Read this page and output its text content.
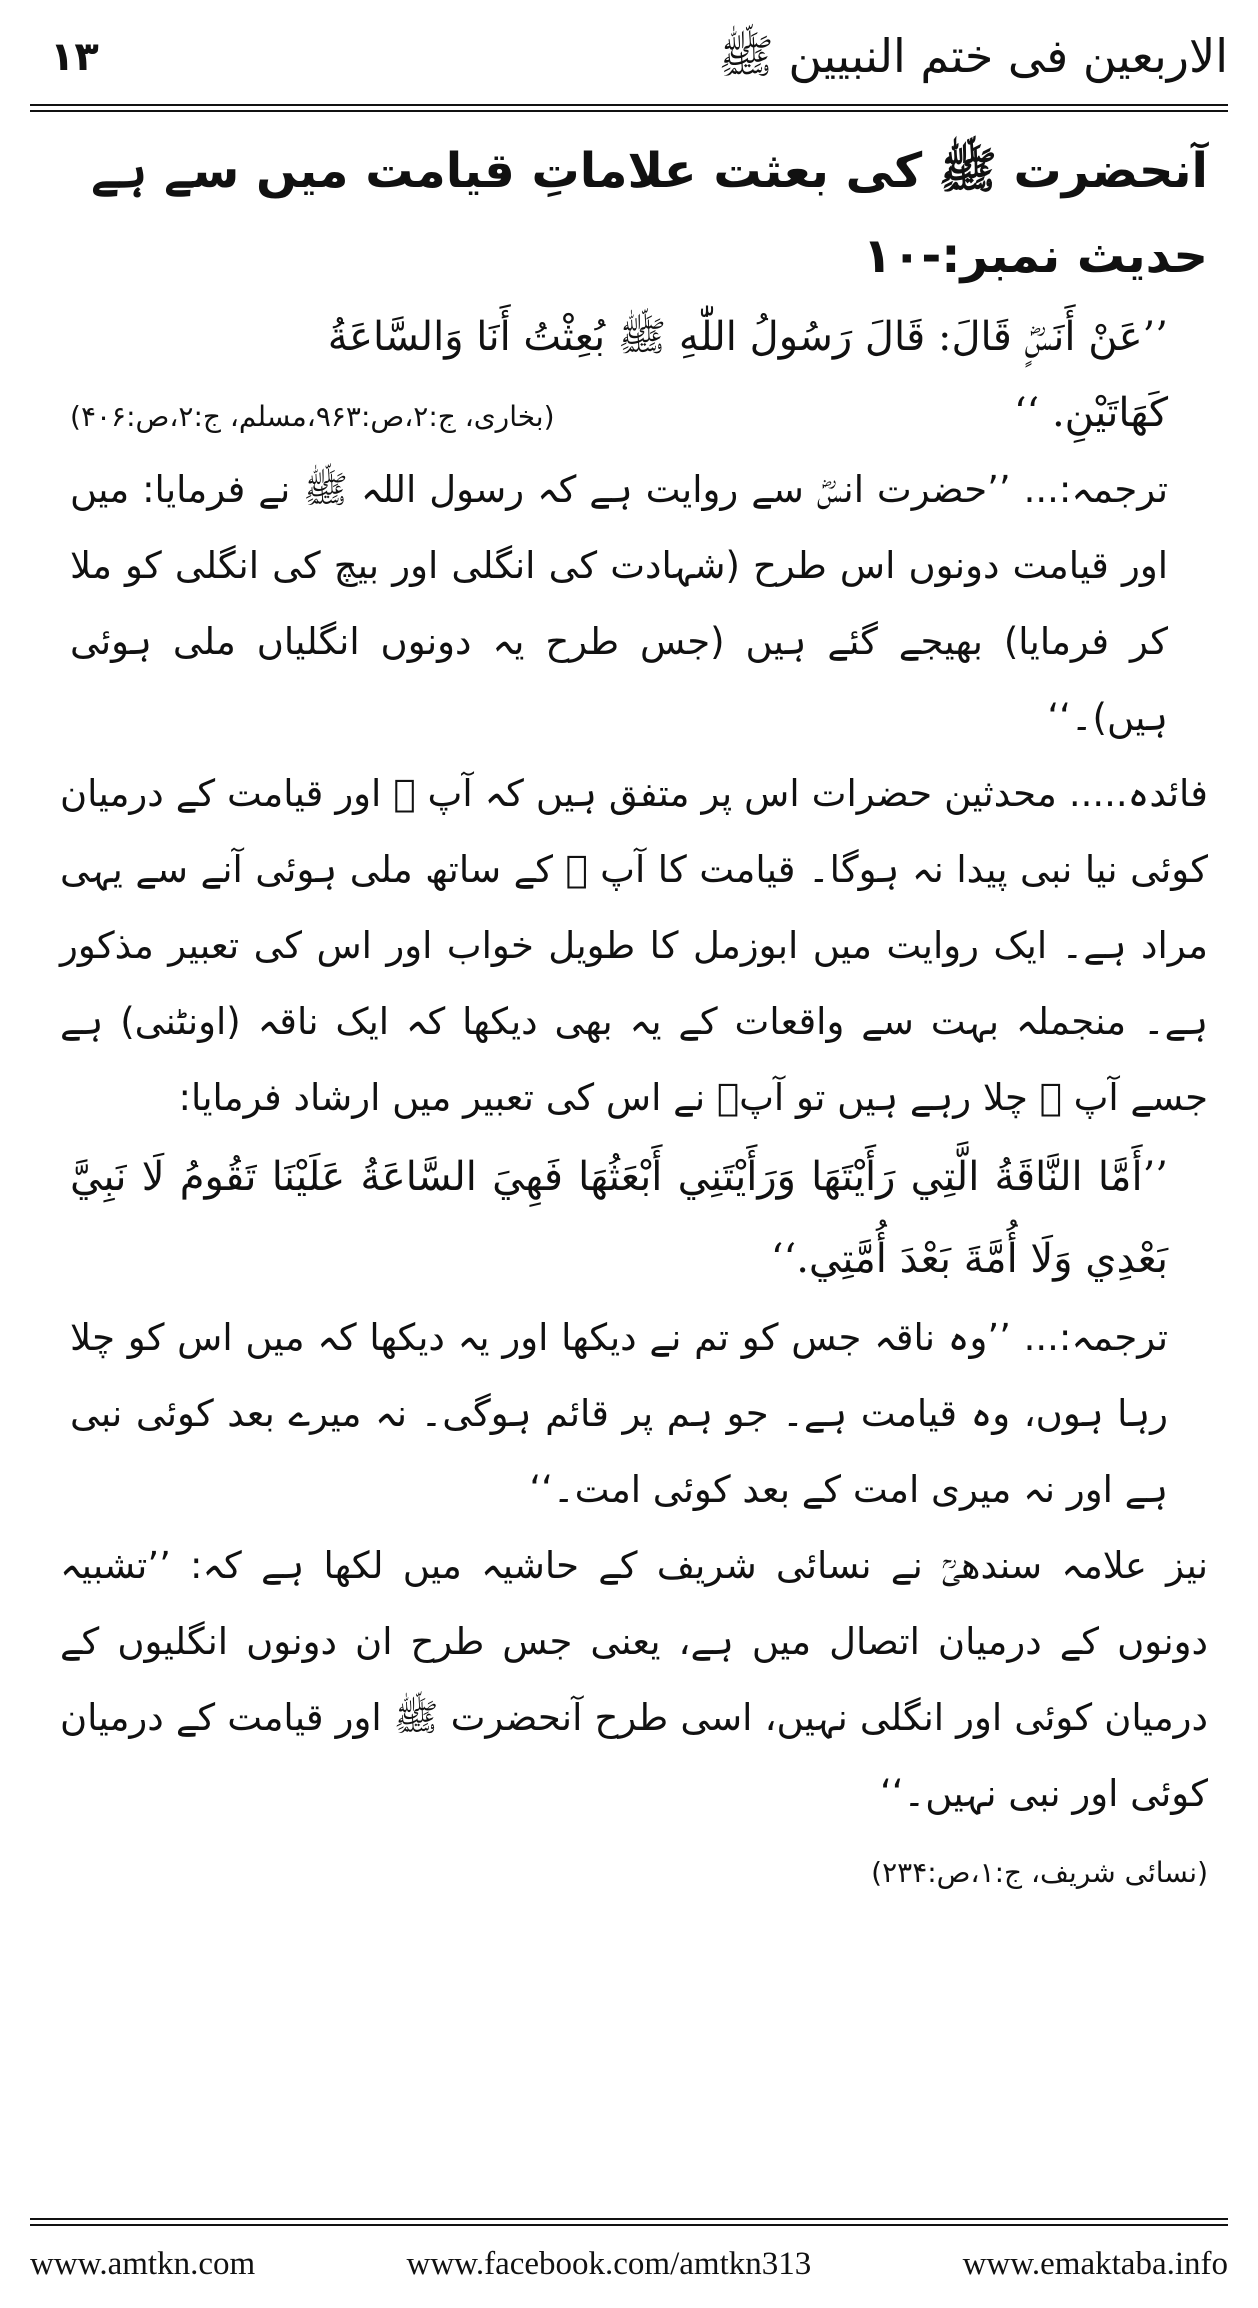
١٣	الاربعین فی ختم النبیین ﷺ
آنحضرت ﷺ کی بعثت علاماتِ قیامت میں سے ہے
حدیث نمبر:-١٠
’’عَنْ أَنَسٍؓ قَالَ: قَالَ رَسُولُ اللّٰهِ ﷺ بُعِثْتُ أَنَا وَالسَّاعَةُ
كَهَاتَيْنِ. ‘‘
(بخاری، ج:۲،ص:۹۶۳،مسلم، ج:۲،ص:۴۰۶)
ترجمہ:... ’’حضرت انسؓ سے روایت ہے کہ رسول اللہ ﷺ نے فرمایا: میں اور قیامت دونوں اس طرح (شہادت کی انگلی اور بیچ کی انگلی کو ملا کر فرمایا) بھیجے گئے ہیں (جس طرح یہ دونوں انگلیاں ملی ہوئی ہیں)۔‘‘
فائدہ..... محدثین حضرات اس پر متفق ہیں کہ آپ ﷺ اور قیامت کے درمیان کوئی نیا نبی پیدا نہ ہوگا۔ قیامت کا آپ ﷺ کے ساتھ ملی ہوئی آنے سے یہی مراد ہے۔ ایک روایت میں ابوزمل کا طویل خواب اور اس کی تعبیر مذکور ہے۔ منجملہ بہت سے واقعات کے یہ بھی دیکھا کہ ایک ناقہ (اونٹنی) ہے جسے آپ ﷺ چلا رہے ہیں تو آپؐ نے اس کی تعبیر میں ارشاد فرمایا:
’’أَمَّا النَّاقَةُ الَّتِي رَأَيْتَهَا وَرَأَيْتَنِي أَبْعَثُهَا فَهِيَ السَّاعَةُ عَلَيْنَا تَقُومُ لَا نَبِيَّ بَعْدِي وَلَا أُمَّةَ بَعْدَ أُمَّتِي.‘‘
ترجمہ:... ’’وہ ناقہ جس کو تم نے دیکھا اور یہ دیکھا کہ میں اس کو چلا رہا ہوں، وہ قیامت ہے۔ جو ہم پر قائم ہوگی۔ نہ میرے بعد کوئی نبی ہے اور نہ میری امت کے بعد کوئی امت۔‘‘
نیز علامہ سندھیؒ نے نسائی شریف کے حاشیہ میں لکھا ہے کہ: ’’تشبیہ دونوں کے درمیان اتصال میں ہے، یعنی جس طرح ان دونوں انگلیوں کے درمیان کوئی اور انگلی نہیں، اسی طرح آنحضرت ﷺ اور قیامت کے درمیان کوئی اور نبی نہیں۔‘‘
(نسائی شریف، ج:۱،ص:۲۳۴)
www.amtkn.com	www.facebook.com/amtkn313	www.emaktaba.info
